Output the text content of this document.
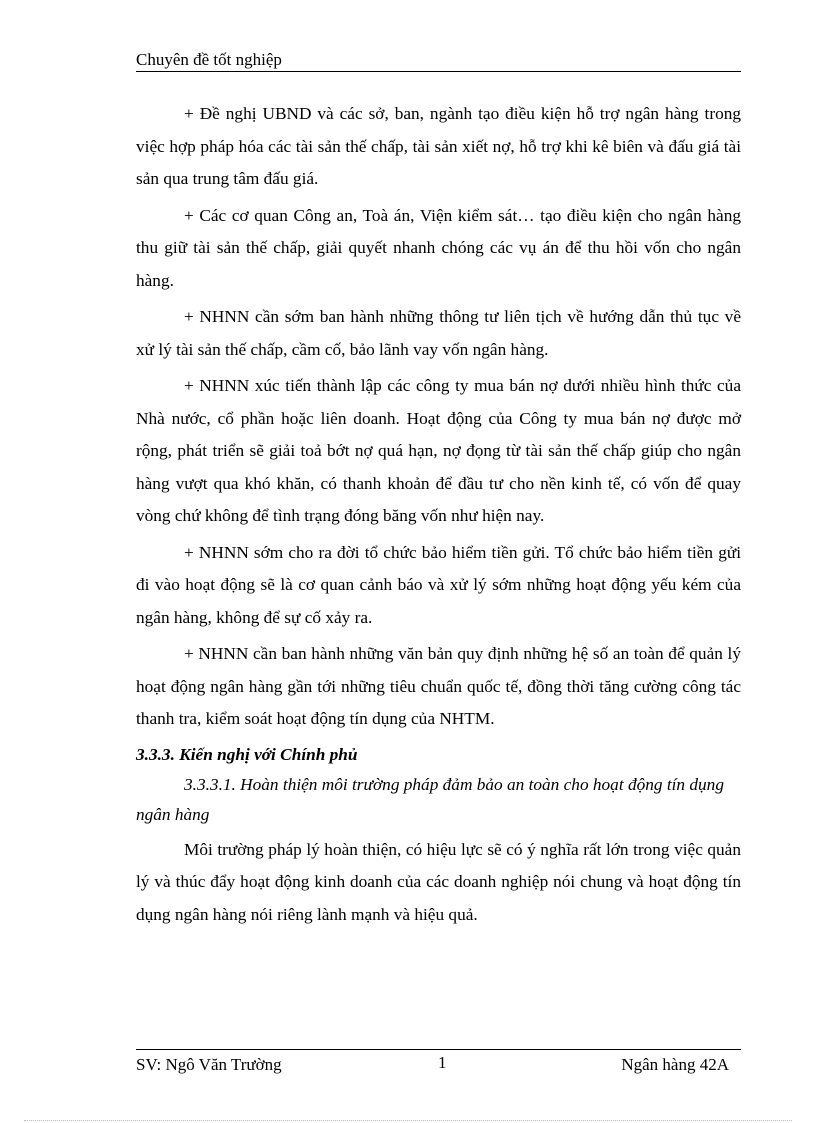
Chuyên đề tốt nghiệp

+ Đề nghị UBND và các sở, ban, ngành tạo điều kiện hỗ trợ ngân hàng trong việc hợp pháp hóa các tài sản thế chấp, tài sản xiết nợ, hỗ trợ khi kê biên và đấu giá tài sản qua trung tâm đấu giá.

+ Các cơ quan Công an, Toà án, Viện kiểm sát… tạo điều kiện cho ngân hàng thu giữ tài sản thế chấp, giải quyết nhanh chóng các vụ án để thu hồi vốn cho ngân hàng.

+ NHNN cần sớm ban hành những thông tư liên tịch về hướng dẫn thủ tục về xử lý tài sản thế chấp, cầm cố, bảo lãnh vay vốn ngân hàng.

+ NHNN xúc tiến thành lập các công ty mua bán nợ dưới nhiều hình thức của Nhà nước, cổ phần hoặc liên doanh. Hoạt động của Công ty mua bán nợ được mở rộng, phát triển sẽ giải toả bớt nợ quá hạn, nợ đọng từ tài sản thế chấp giúp cho ngân hàng vượt qua khó khăn, có thanh khoản để đầu tư cho nền kinh tế, có vốn để quay vòng chứ không để tình trạng đóng băng vốn như hiện nay.

+ NHNN sớm cho ra đời tổ chức bảo hiểm tiền gửi. Tổ chức bảo hiểm tiền gửi đi vào hoạt động sẽ là cơ quan cảnh báo và xử lý sớm những hoạt động yếu kém của ngân hàng, không để sự cố xảy ra.

+ NHNN cần ban hành những văn bản quy định những hệ số an toàn để quản lý hoạt động ngân hàng gần tới những tiêu chuẩn quốc tế, đồng thời tăng cường công tác thanh tra, kiểm soát hoạt động tín dụng của NHTM.

3.3.3. Kiến nghị với Chính phủ

3.3.3.1. Hoàn thiện môi trường pháp đảm bảo an toàn cho hoạt động tín dụng ngân hàng

Môi trường pháp lý hoàn thiện, có hiệu lực sẽ có ý nghĩa rất lớn trong việc quản lý và thúc đẩy hoạt động kinh doanh của các doanh nghiệp nói chung và hoạt động tín dụng ngân hàng nói riêng lành mạnh và hiệu quả.

SV: Ngô Văn Trường	1	Ngân hàng 42A
